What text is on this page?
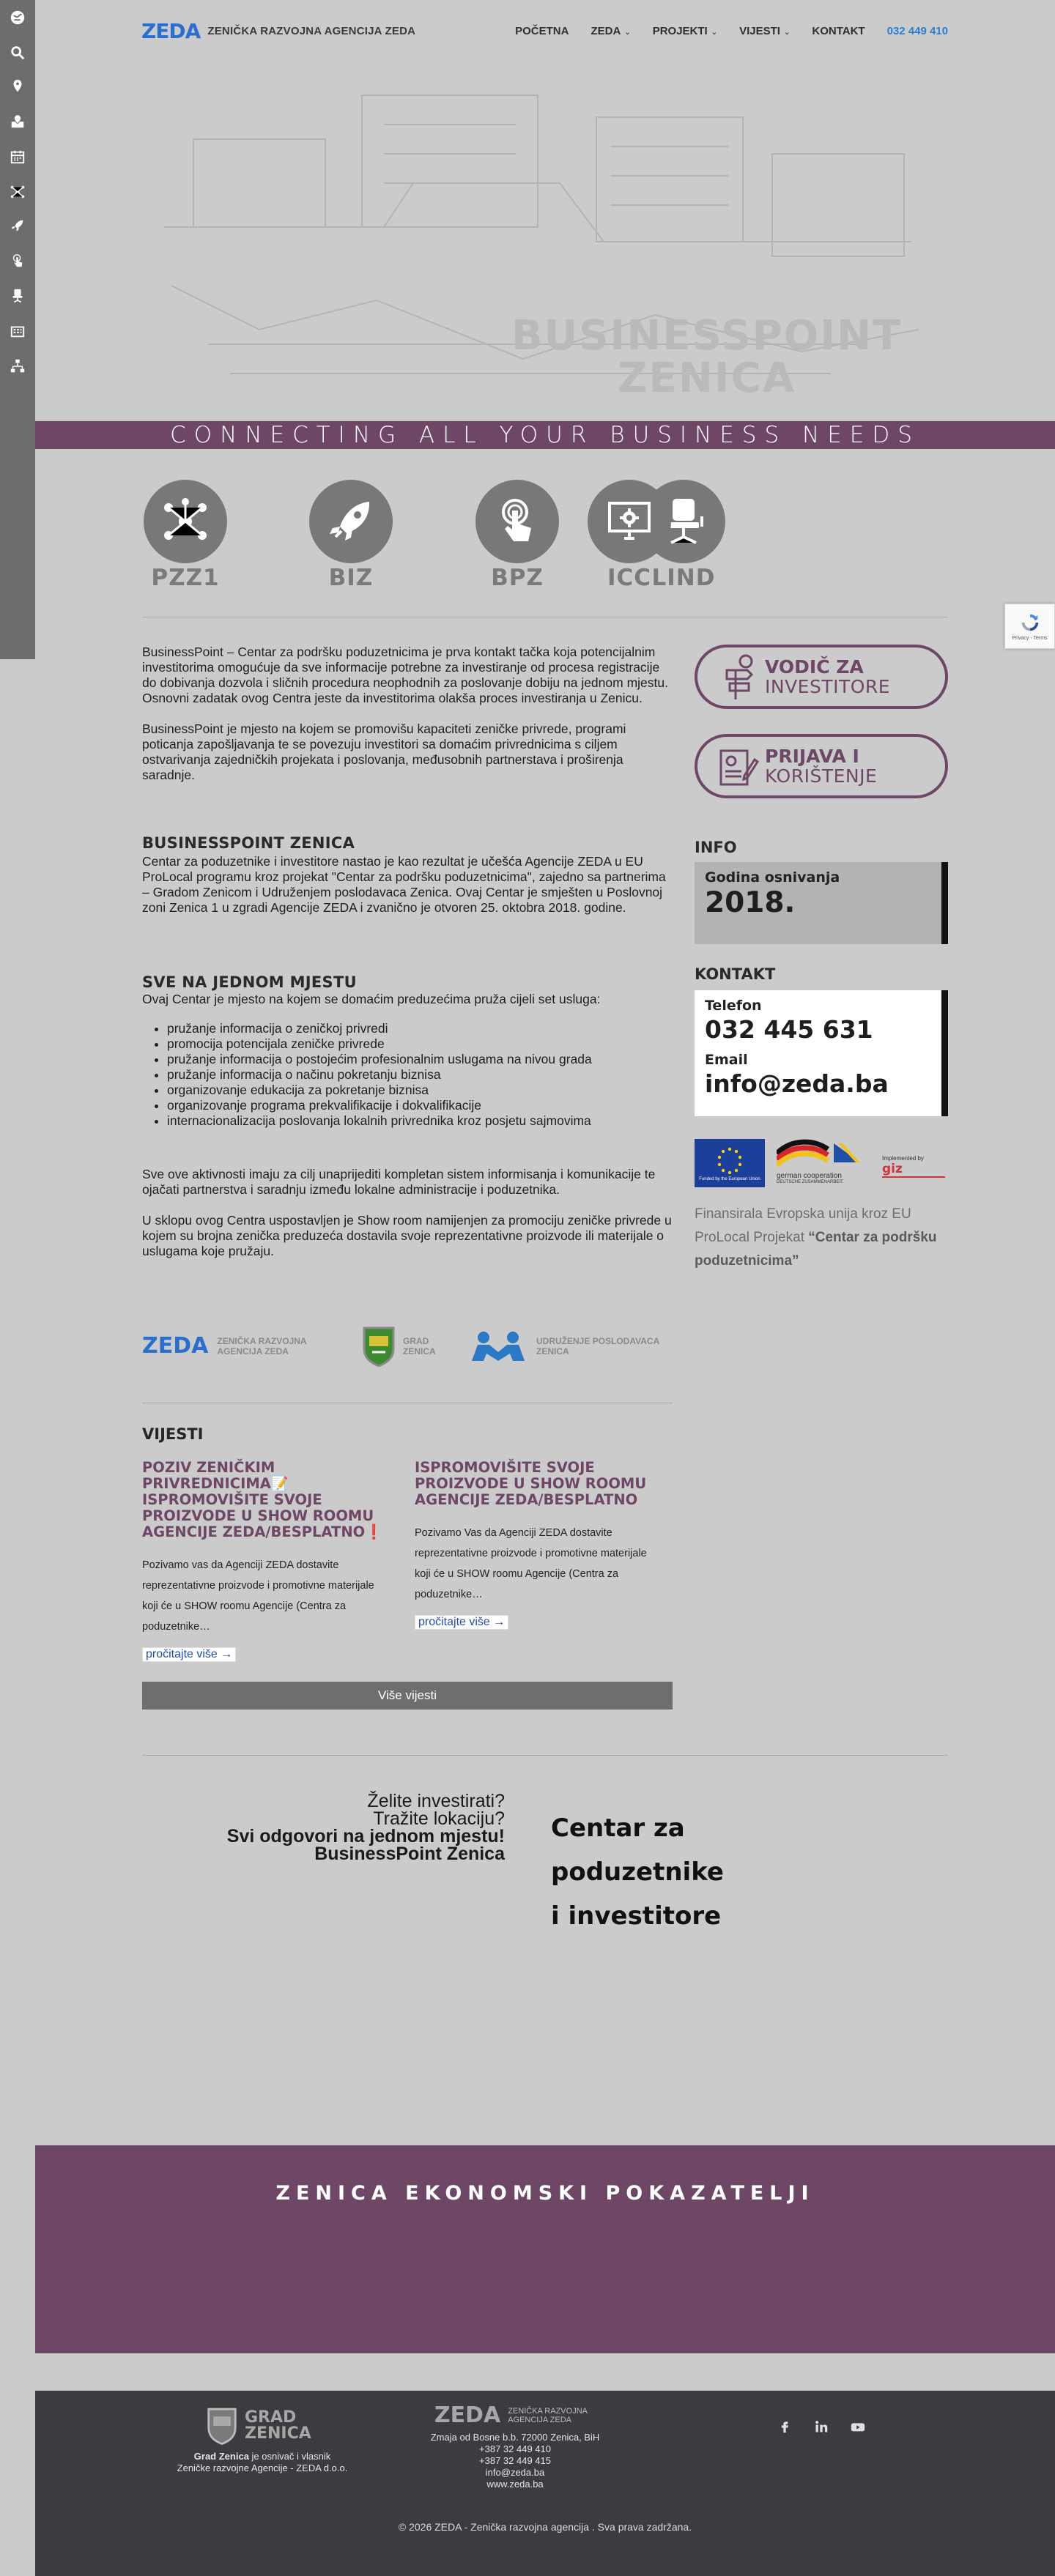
ZEDA ZENIČKA RAZVOJNA AGENCIJA ZEDA	POČETNA ZEDA ⌄ PROJEKTI ⌄ VIJESTI ⌄ KONTAKT 032 449 410
BUSINESSPOINT
ZENICA
CONNECTING ALL YOUR BUSINESS NEEDS
PZZ1	BIZ	BPZ	LIND
ICC

BusinessPoint – Centar za podršku poduzetnicima je prva kontakt tačka koja potencijalnim investitorima omogućuje da sve informacije potrebne za investiranje od procesa registracije do dobivanja dozvola i sličnih procedura neophodnih za poslovanje dobiju na jednom mjestu. Osnovni zadatak ovog Centra jeste da investitorima olakša proces investiranja u Zenicu.

BusinessPoint je mjesto na kojem se promovišu kapaciteti zeničke privrede, programi poticanja zapošljavanja te se povezuju investitori sa domaćim privrednicima s ciljem ostvarivanja zajedničkih projekata i poslovanja, međusobnih partnerstava i proširenja saradnje.

BUSINESSPOINT ZENICA

Centar za poduzetnike i investitore nastao je kao rezultat je učešća Agencije ZEDA u EU ProLocal programu kroz projekat "Centar za podršku poduzetnicima", zajedno sa partnerima – Gradom Zenicom i Udruženjem poslodavaca Zenica. Ovaj Centar je smješten u Poslovnoj zoni Zenica 1 u zgradi Agencije ZEDA i zvanično je otvoren 25. oktobra 2018. godine.

SVE NA JEDNOM MJESTU

Ovaj Centar je mjesto na kojem se domaćim preduzećima pruža cijeli set usluga:

• pružanje informacija o zeničkoj privredi
• promocija potencijala zeničke privrede
• pružanje informacija o postojećim profesionalnim uslugama na nivou grada
• pružanje informacija o načinu pokretanju biznisa
• organizovanje edukacija za pokretanje biznisa
• organizovanje programa prekvalifikacije i dokvalifikacije
• internacionalizacija poslovanja lokalnih privrednika kroz posjetu sajmovima

Sve ove aktivnosti imaju za cilj unaprijediti kompletan sistem informisanja i komunikacije te ojačati partnerstva i saradnju između lokalne administracije i poduzetnika.

U sklopu ovog Centra uspostavljen je Show room namijenjen za promociju zeničke privrede u kojem su brojna zenička preduzeća dostavila svoje reprezentativne proizvode ili materijale o uslugama koje pružaju.

VODIČ ZA
INVESTITORE
PRIJAVA I
KORIŠTENJE
INFO
Godina osnivanja
2018.
KONTAKT
Telefon
032 445 631
Email
info@zeda.ba
Funded by the European Union german cooperation
DEUTSCHE ZUSAMMENARBEIT
Implemented by
giz
Finansirala Evropska unija kroz EU ProLocal Projekat “Centar za podršku poduzetnicima”
ZEDA ZENIČKA RAZVOJNA AGENCIJA ZEDA
GRAD ZENICA
UDRUŽENJE POSLODAVACA ZENICA
VIJESTI
POZIV ZENIČKIM PRIVREDNICIMA📝 ISPROMOVIŠITE SVOJE PROIZVODE U SHOW ROOMU AGENCIJE ZEDA/BESPLATNO❗
Pozivamo vas da Agenciji ZEDA dostavite reprezentativne proizvode i promotivne materijale koji će u SHOW roomu Agencije (Centra za poduzetnike…
pročitajte više →
ISPROMOVIŠITE SVOJE PROIZVODE U SHOW ROOMU AGENCIJE ZEDA/BESPLATNO
Pozivamo Vas da Agenciji ZEDA dostavite reprezentativne proizvode i promotivne materijale koji će u SHOW roomu Agencije (Centra za poduzetnike…
pročitajte više →
Više vijesti
Želite investirati?
Tražite lokaciju?
Svi odgovori na jednom mjestu!
BusinessPoint Zenica
Centar za
poduzetnike
i investitore
ZENICA EKONOMSKI POKAZATELJI
GRAD ZENICA
Grad Zenica je osnivač i vlasnik
Zeničke razvojne Agencije - ZEDA d.o.o.
ZEDA ZENIČKA RAZVOJNA AGENCIJA ZEDA
Zmaja od Bosne b.b. 72000 Zenica, BiH
+387 32 449 410
+387 32 449 415
info@zeda.ba
www.zeda.ba
© 2026 ZEDA - Zenička razvojna agencija . Sva prava zadržana.
Privacy - Terms
